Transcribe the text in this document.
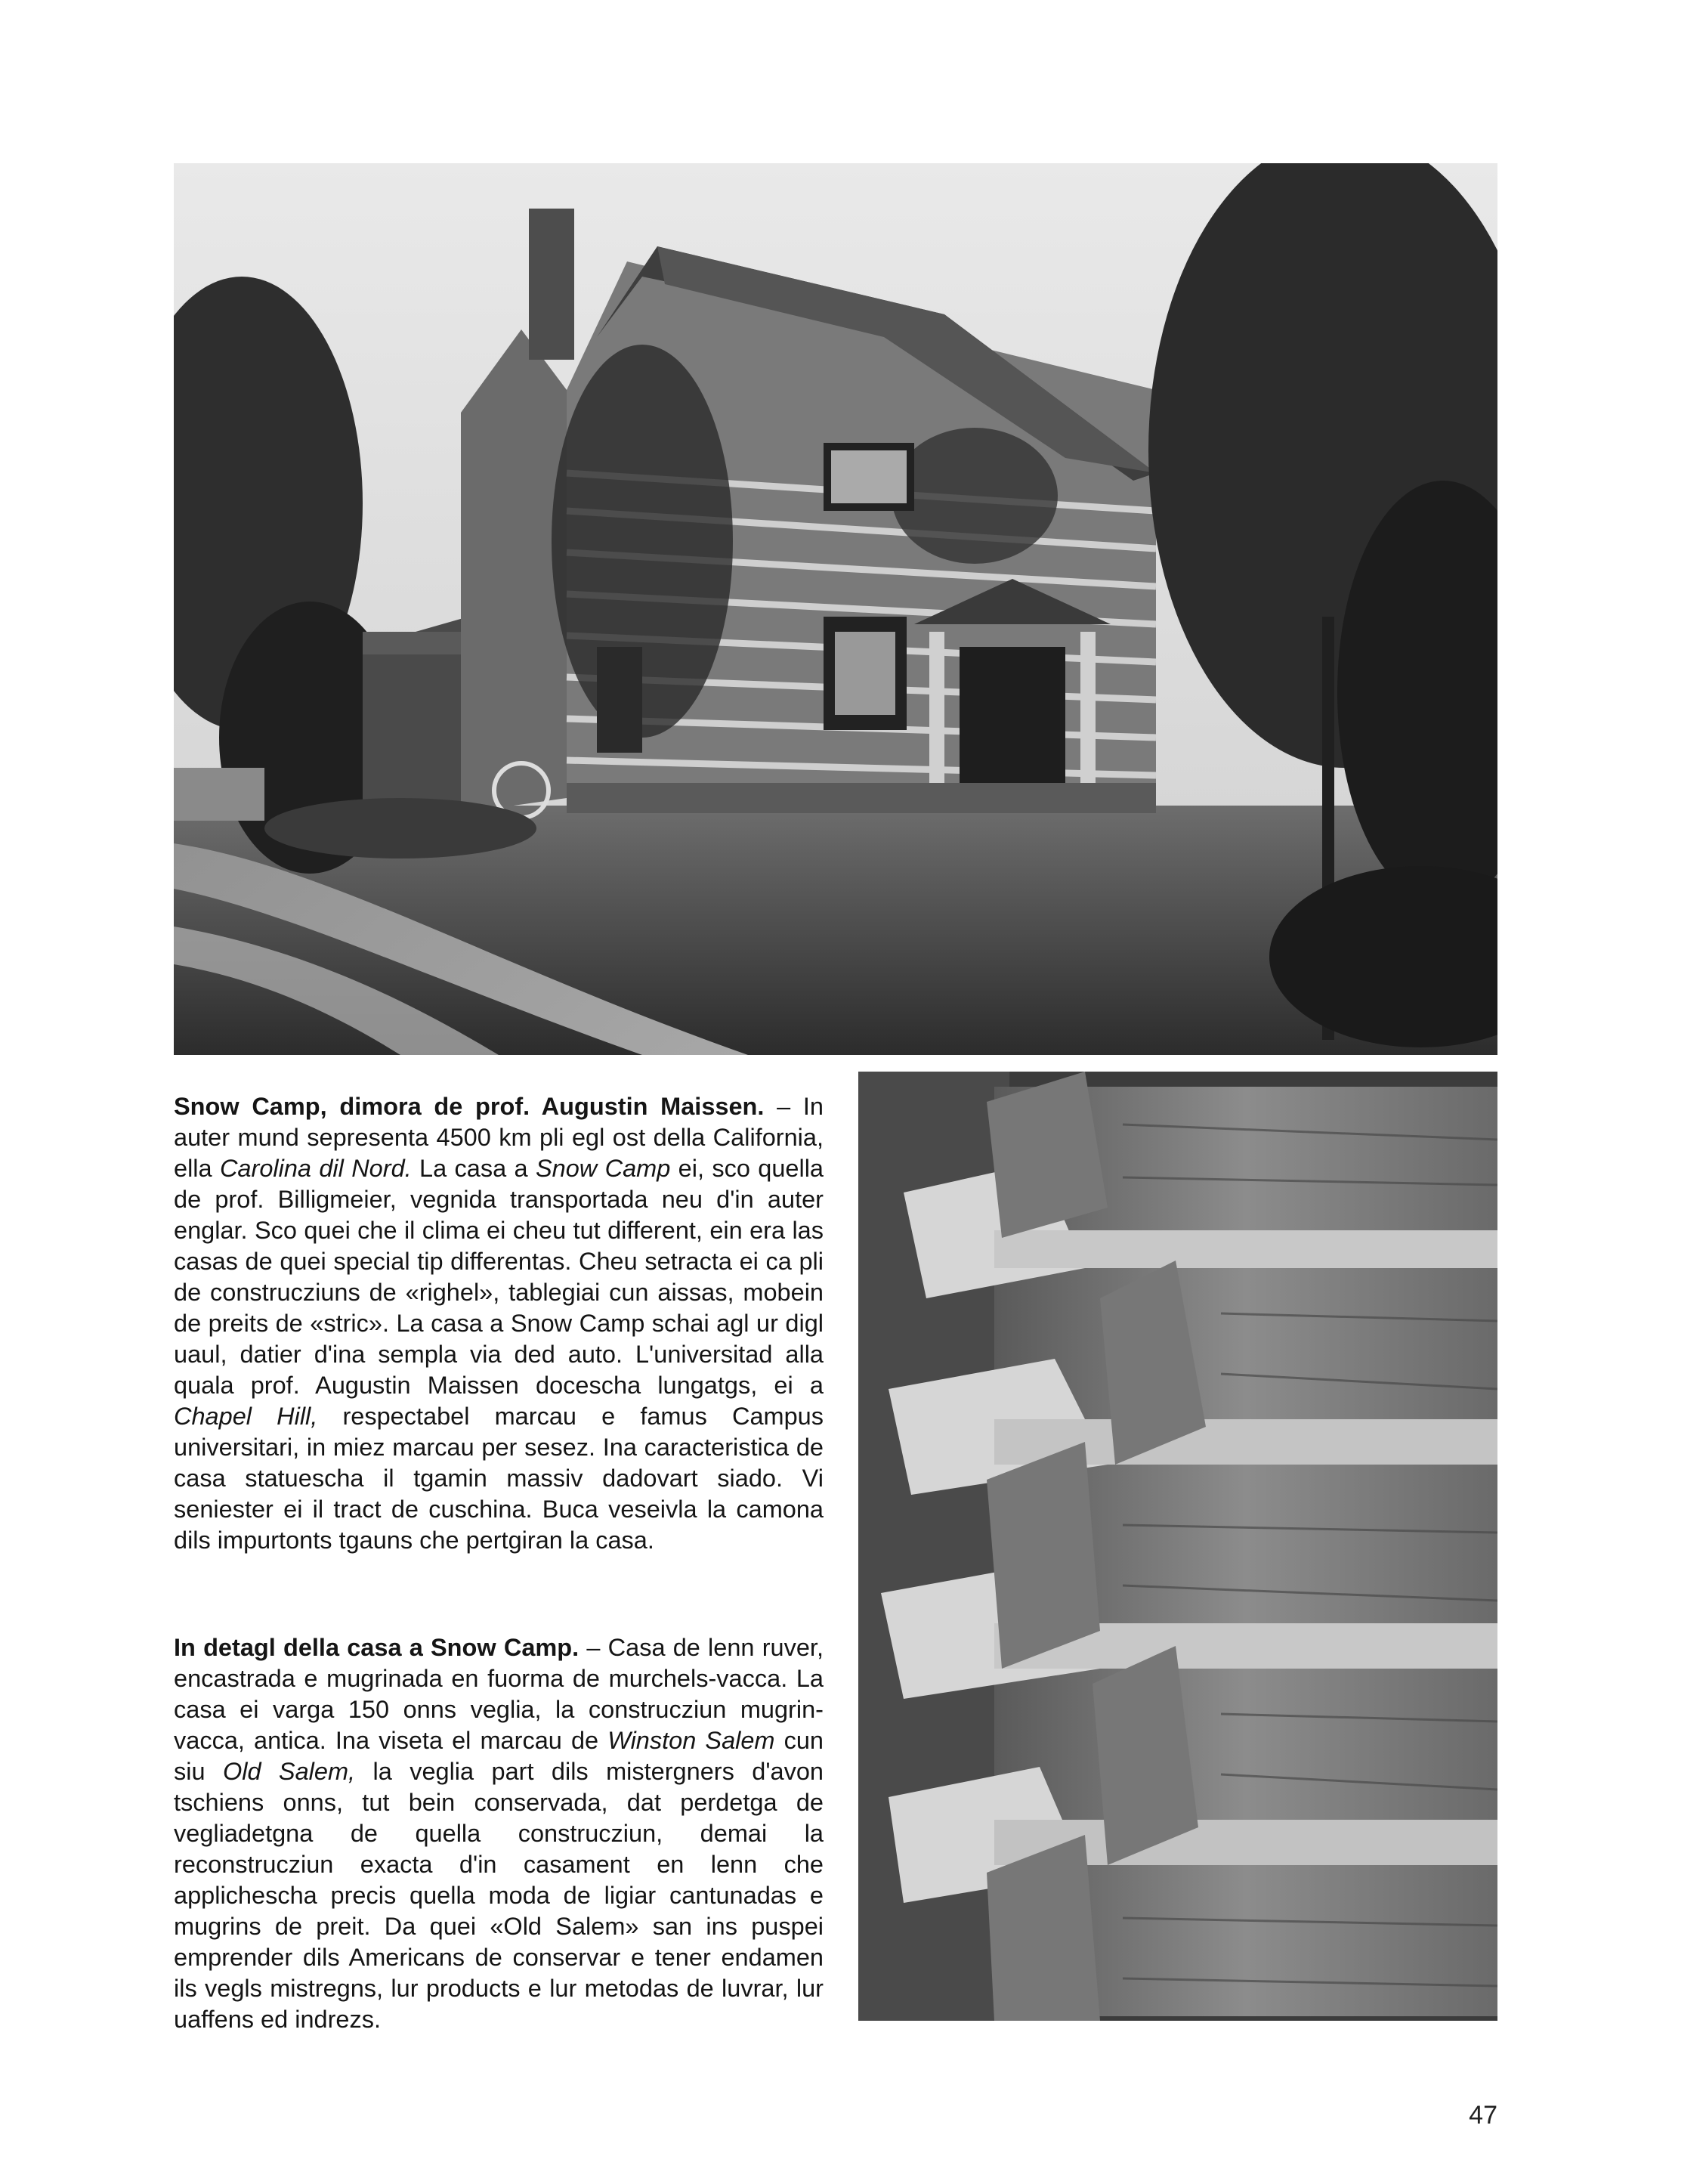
Snow Camp, dimora de prof. Augustin Maissen. – In auter mund sepresenta 4500 km pli egl ost della California, ella Carolina dil Nord. La casa a Snow Camp ei, sco quella de prof. Billigmeier, vegnida transportada neu d'in auter englar. Sco quei che il clima ei cheu tut different, ein era las casas de quei special tip differentas. Cheu setracta ei ca pli de construcziuns de «righel», tablegiai cun aissas, mobein de preits de «stric». La casa a Snow Camp schai agl ur digl uaul, datier d'ina sempla via ded auto. L'universitad alla quala prof. Augustin Maissen docescha lungatgs, ei a Chapel Hill, respectabel marcau e famus Campus universitari, in miez marcau per sesez. Ina caracteristica de casa statuescha il tgamin massiv dadovart siado. Vi seniester ei il tract de cuschina. Buca veseivla la camona dils impurtonts tgauns che pertgiran la casa.

In detagl della casa a Snow Camp. – Casa de lenn ruver, encastrada e mugrinada en fuorma de murchels-vacca. La casa ei varga 150 onns veglia, la construcziun mugrin-vacca, antica. Ina viseta el marcau de Winston Salem cun siu Old Salem, la veglia part dils mistergners d'avon tschiens onns, tut bein conservada, dat perdetga de vegliadetgna de quella construcziun, demai la reconstrucziun exacta d'in casament en lenn che applichescha precis quella moda de ligiar cantunadas e mugrins de preit. Da quei «Old Salem» san ins puspei emprender dils Americans de conservar e tener endamen ils vegls mistregns, lur products e lur metodas de luvrar, lur uaffens ed indrezs.

47
